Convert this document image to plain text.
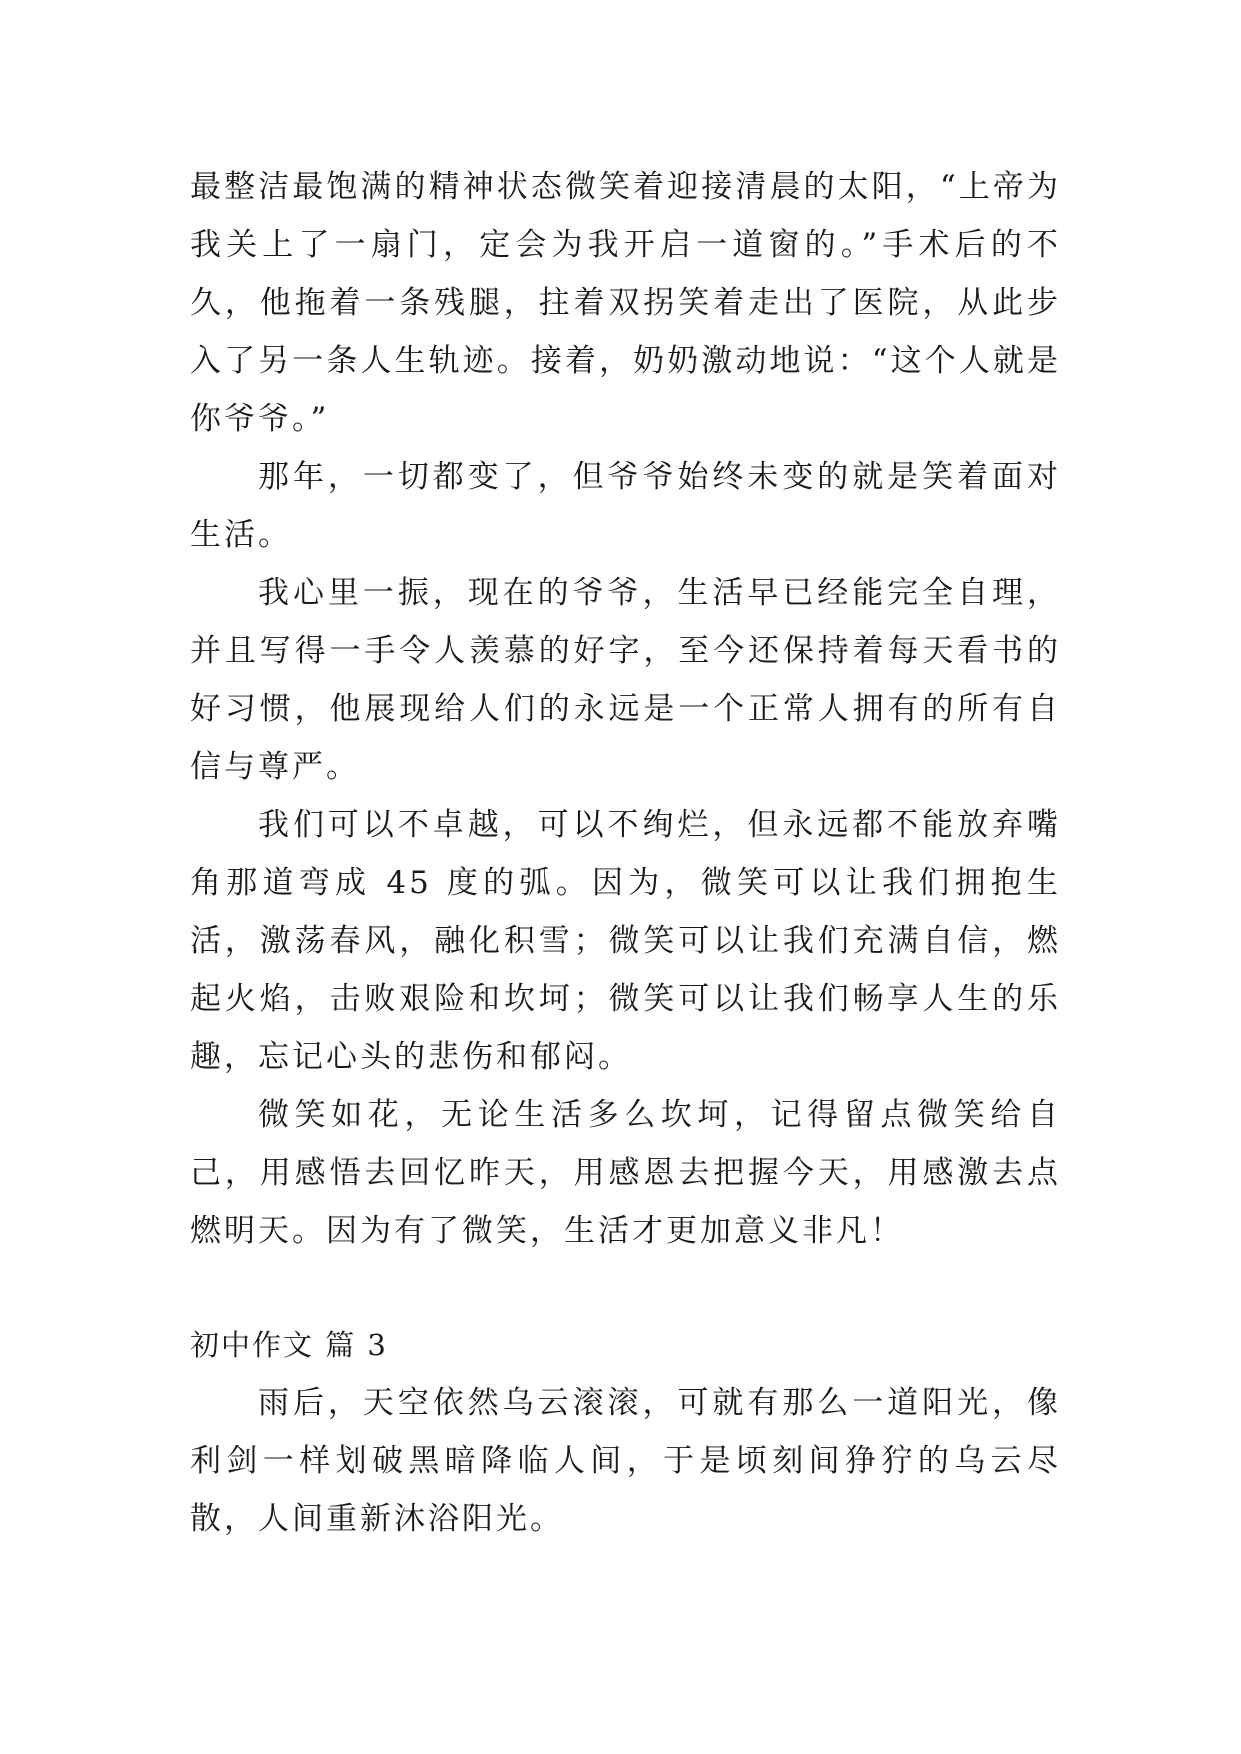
最整洁最饱满的精神状态微笑着迎接清晨的太阳，“上帝为我关上了一扇门，定会为我开启一道窗的。”手术后的不久，他拖着一条残腿，拄着双拐笑着走出了医院，从此步入了另一条人生轨迹。接着，奶奶激动地说：“这个人就是你爷爷。”

那年，一切都变了，但爷爷始终未变的就是笑着面对生活。

我心里一振，现在的爷爷，生活早已经能完全自理，并且写得一手令人羡慕的好字，至今还保持着每天看书的好习惯，他展现给人们的永远是一个正常人拥有的所有自信与尊严。

我们可以不卓越，可以不绚烂，但永远都不能放弃嘴角那道弯成 45 度的弧。因为，微笑可以让我们拥抱生活，激荡春风，融化积雪；微笑可以让我们充满自信，燃起火焰，击败艰险和坎坷；微笑可以让我们畅享人生的乐趣，忘记心头的悲伤和郁闷。

微笑如花，无论生活多么坎坷，记得留点微笑给自己，用感悟去回忆昨天，用感恩去把握今天，用感激去点燃明天。因为有了微笑，生活才更加意义非凡！

初中作文 篇 3

雨后，天空依然乌云滚滚，可就有那么一道阳光，像利剑一样划破黑暗降临人间，于是顷刻间狰狞的乌云尽散，人间重新沐浴阳光。
